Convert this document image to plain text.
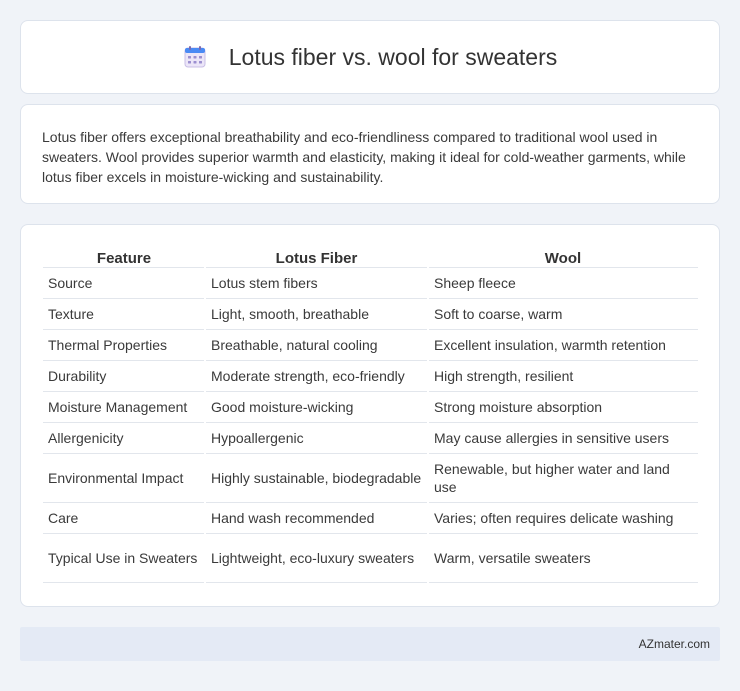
Lotus fiber vs. wool for sweaters

Lotus fiber offers exceptional breathability and eco-friendliness compared to traditional wool used in sweaters. Wool provides superior warmth and elasticity, making it ideal for cold-weather garments, while lotus fiber excels in moisture-wicking and sustainability.

Feature	Lotus Fiber	Wool
Source	Lotus stem fibers	Sheep fleece
Texture	Light, smooth, breathable	Soft to coarse, warm
Thermal Properties	Breathable, natural cooling	Excellent insulation, warmth retention
Durability	Moderate strength, eco-friendly	High strength, resilient
Moisture Management	Good moisture-wicking	Strong moisture absorption
Allergenicity	Hypoallergenic	May cause allergies in sensitive users
Environmental Impact	Highly sustainable, biodegradable	Renewable, but higher water and land use
Care	Hand wash recommended	Varies; often requires delicate washing
Typical Use in Sweaters	Lightweight, eco-luxury sweaters	Warm, versatile sweaters
AZmater.com
